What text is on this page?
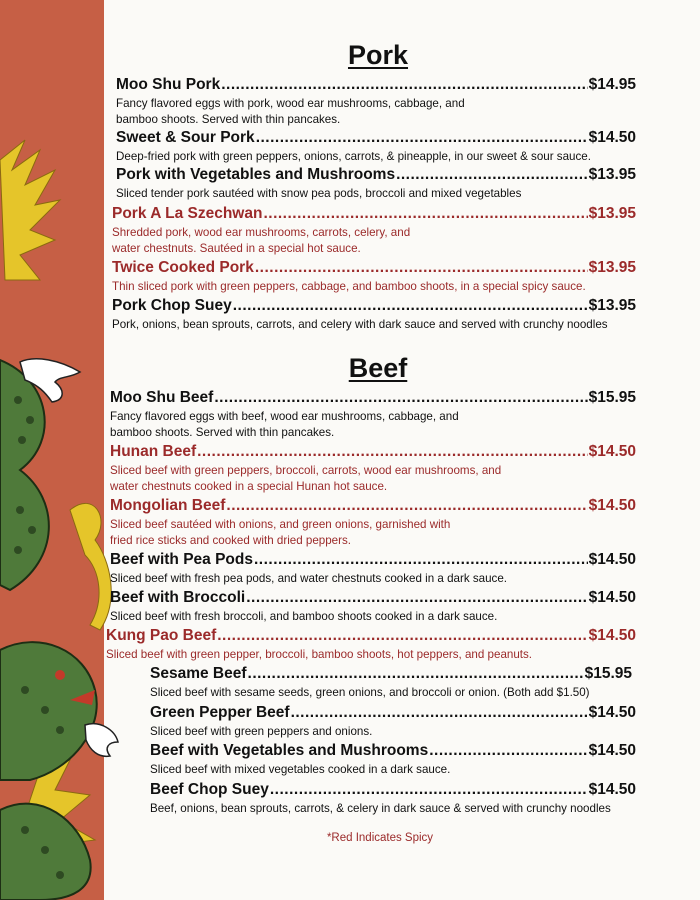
Pork
Moo Shu Pork .....	$14.95
Fancy flavored eggs with pork, wood ear mushrooms, cabbage, and bamboo shoots. Served with thin pancakes.
Sweet & Sour Pork .....	$14.50
Deep-fried pork with green peppers, onions, carrots, & pineapple, in our sweet & sour sauce.
Pork with Vegetables and Mushrooms .....	$13.95
Sliced tender pork sautéed with snow pea pods, broccoli and mixed vegetables
Pork A La Szechwan .....	$13.95
Shredded pork, wood ear mushrooms, carrots, celery, and water chestnuts. Sautéed in a special hot sauce.
Twice Cooked Pork .....	$13.95
Thin sliced pork with green peppers, cabbage, and bamboo shoots, in a special spicy sauce.
Pork Chop Suey .....	$13.95
Pork, onions, bean sprouts, carrots, and celery with dark sauce and served with crunchy noodles
Beef
Moo Shu Beef .....	$15.95
Fancy flavored eggs with beef, wood ear mushrooms, cabbage, and bamboo shoots. Served with thin pancakes.
Hunan Beef .....	$14.50
Sliced beef with green peppers, broccoli, carrots, wood ear mushrooms, and water chestnuts cooked in a special Hunan hot sauce.
Mongolian Beef .....	$14.50
Sliced beef sautéed with onions, and green onions, garnished with fried rice sticks and cooked with dried peppers.
Beef with Pea Pods .....	$14.50
Sliced beef with fresh pea pods, and water chestnuts cooked in a dark sauce.
Beef with Broccoli .....	$14.50
Sliced beef with fresh broccoli, and bamboo shoots cooked in a dark sauce.
Kung Pao Beef .....	$14.50
Sliced beef with green pepper, broccoli, bamboo shoots, hot peppers, and peanuts.
Sesame Beef .....	$15.95
Sliced beef with sesame seeds, green onions, and broccoli or onion. (Both add $1.50)
Green Pepper Beef .....	$14.50
Sliced beef with green peppers and onions.
Beef with Vegetables and Mushrooms .....	$14.50
Sliced beef with mixed vegetables cooked in a dark sauce.
Beef Chop Suey .....	$14.50
Beef, onions, bean sprouts, carrots, & celery in dark sauce & served with crunchy noodles
*Red Indicates Spicy
